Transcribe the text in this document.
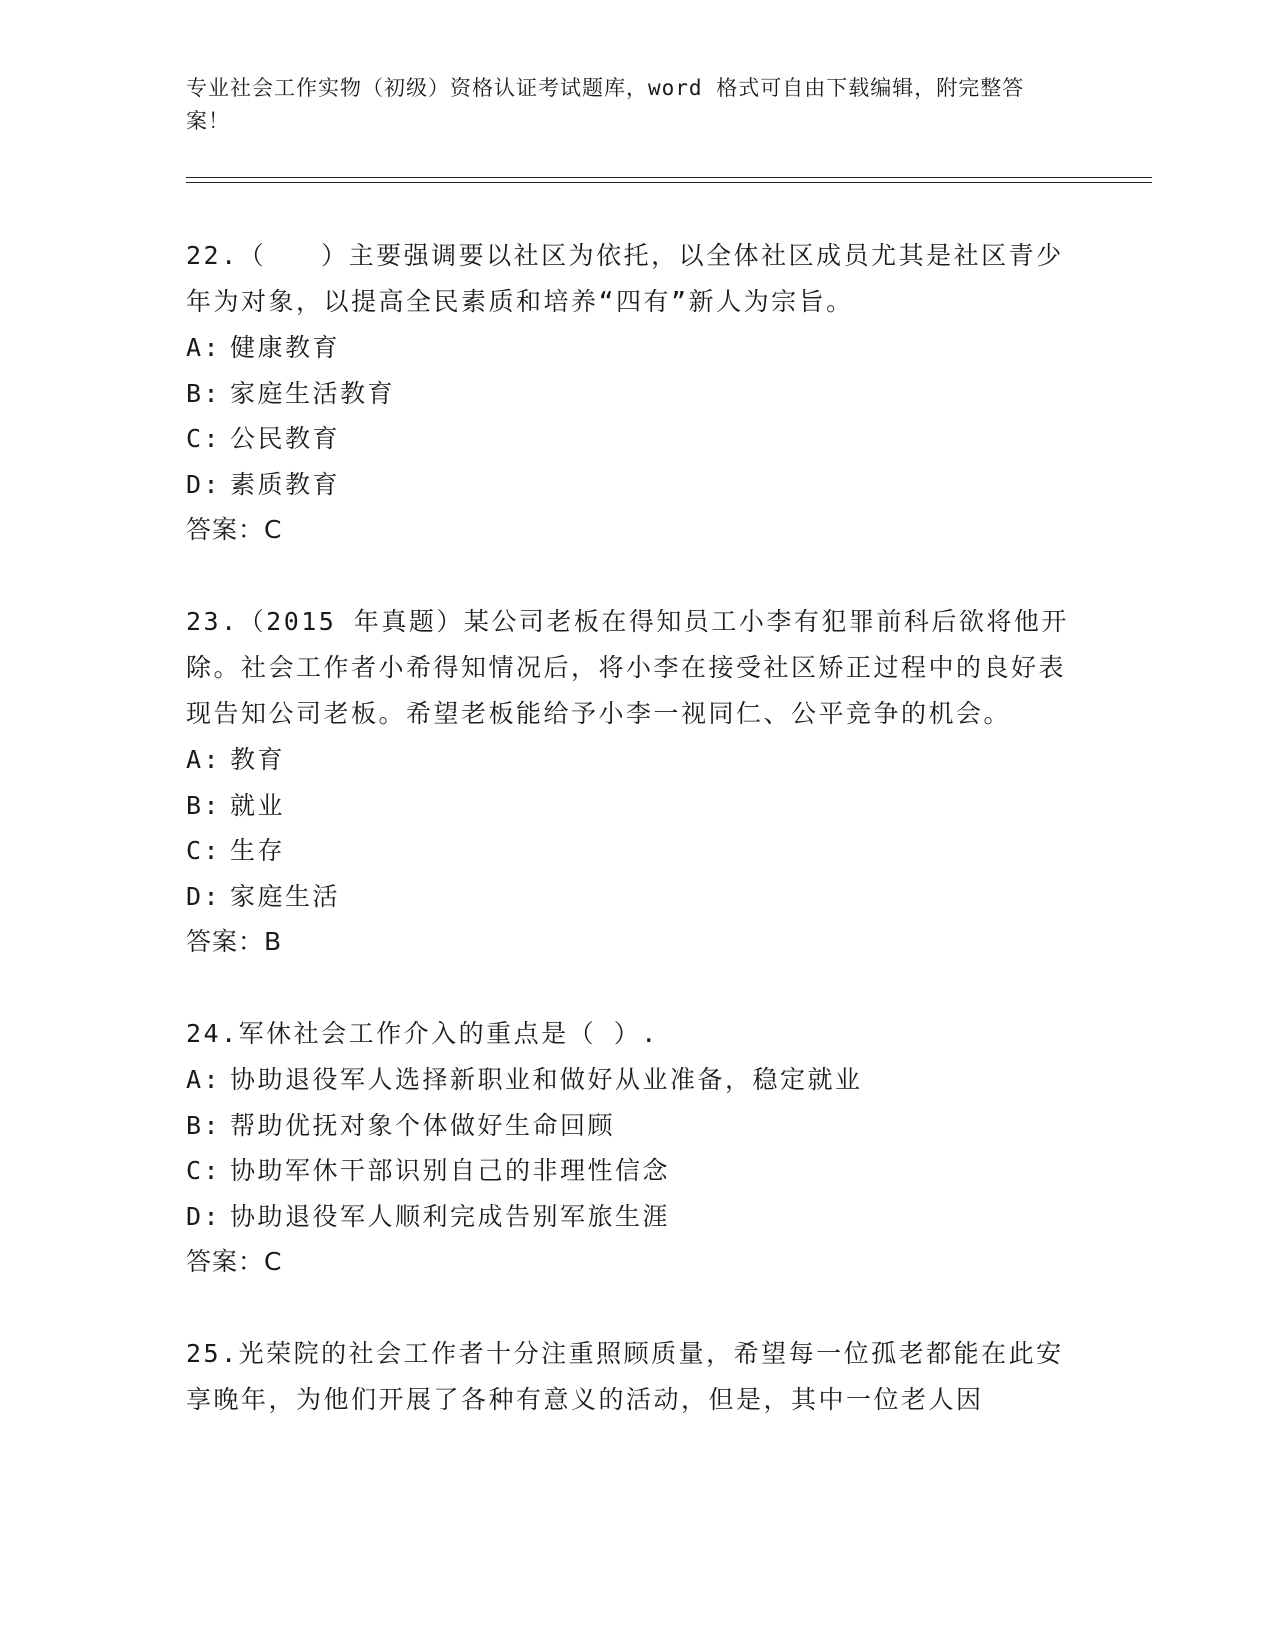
专业社会工作实物（初级）资格认证考试题库，word 格式可自由下载编辑，附完整答案！

22.（　　）主要强调要以社区为依托，以全体社区成员尤其是社区青少年为对象，以提高全民素质和培养“四有”新人为宗旨。

A: 健康教育

B: 家庭生活教育

C: 公民教育

D: 素质教育

答案：C

23.（2015 年真题）某公司老板在得知员工小李有犯罪前科后欲将他开除。社会工作者小希得知情况后，将小李在接受社区矫正过程中的良好表现告知公司老板。希望老板能给予小李一视同仁、公平竞争的机会。

A: 教育

B: 就业

C: 生存

D: 家庭生活

答案：B

24.军休社会工作介入的重点是（ ）.

A: 协助退役军人选择新职业和做好从业准备，稳定就业

B: 帮助优抚对象个体做好生命回顾

C: 协助军休干部识别自己的非理性信念

D: 协助退役军人顺利完成告别军旅生涯

答案：C

25.光荣院的社会工作者十分注重照顾质量，希望每一位孤老都能在此安享晚年，为他们开展了各种有意义的活动，但是，其中一位老人因
